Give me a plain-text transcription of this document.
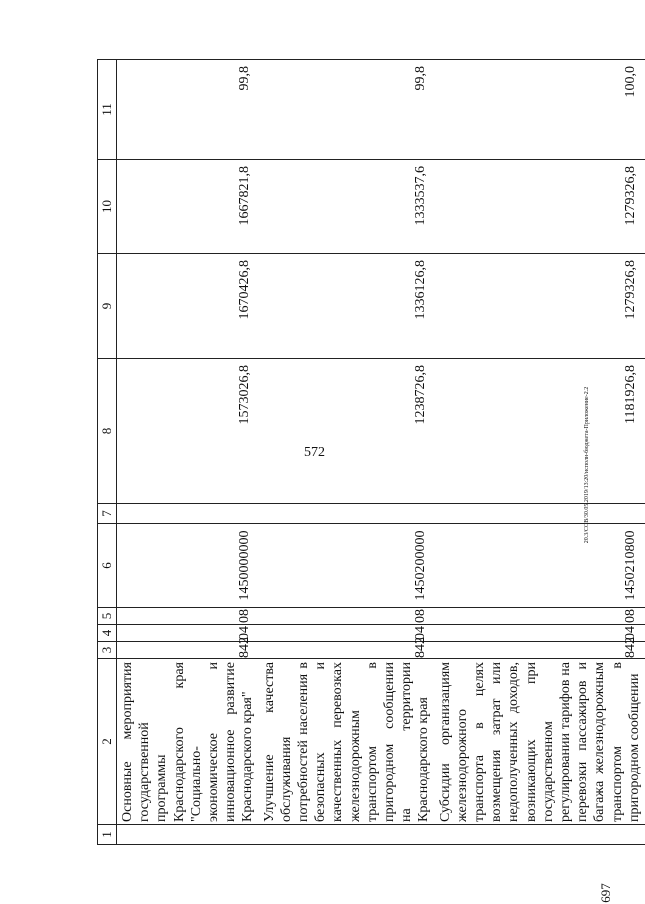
572	20.3/СОВ/30.05.2019/13:20/исполн-бюджета-Приложение-2.2
697
1	2	3	4	5	6	7	8	9	10	11
	Основные мероприятия государственной программы Краснодарского края "Социально-экономическое и инновационное развитие Краснодарского края"	842	04	08	1450000000		1573026,8	1670426,8	1667821,8	99,8
	Улучшение качества обслуживания потребностей населения в безопасных и качественных перевозках железнодорожным транспортом в пригородном сообщении на территории Краснодарского края	842	04	08	1450200000		1238726,8	1336126,8	1333537,6	99,8
	Субсидии организациям железнодорожного транспорта в целях возмещения затрат или недополученных доходов, возникающих при государственном регулировании тарифов на перевозки пассажиров и багажа железнодорожным транспортом в пригородном сообщении	842	04	08	1450210800		1181926,8	1279326,8	1279326,8	100,0
